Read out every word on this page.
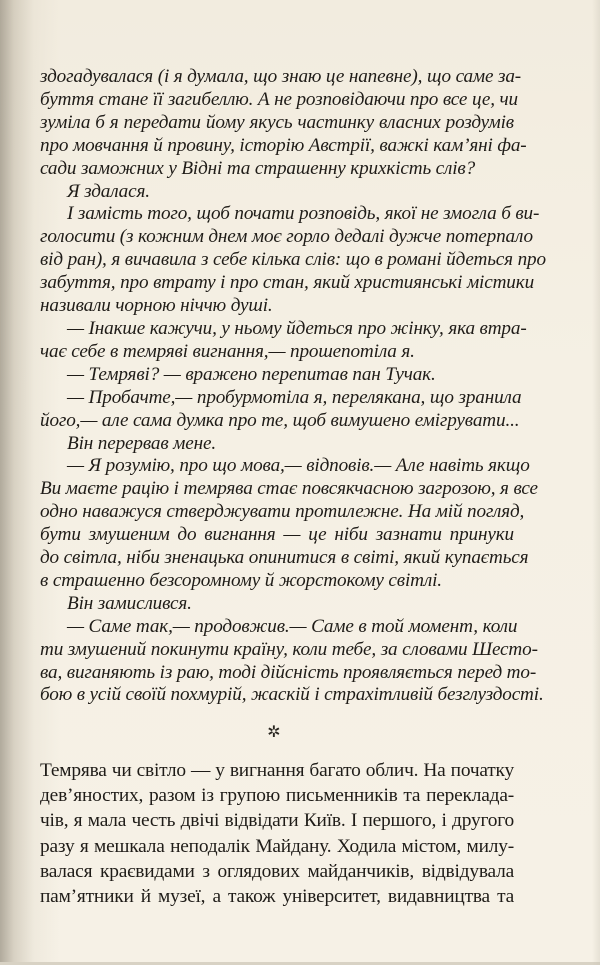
здогадувалася (і я думала, що знаю це напевне), що саме за-
буття стане її загибеллю. А не розповідаючи про все це, чи
зуміла б я передати йому якусь частинку власних роздумів
про мовчання й провину, історію Австрії, важкі кам’яні фа-
сади заможних у Відні та страшенну крихкість слів?
Я здалася.
І замість того, щоб почати розповідь, якої не змогла б ви-
голосити (з кожним днем моє горло дедалі дужче потерпало
від ран), я вичавила з себе кілька слів: що в романі йдеться про
забуття, про втрату і про стан, який християнські містики
називали чорною ніччю душі.
— Інакше кажучи, у ньому йдеться про жінку, яка втра-
чає себе в темряві вигнання,— прошепотіла я.
— Темряві? — вражено перепитав пан Тучак.
— Пробачте,— пробурмотіла я, перелякана, що зранила
його,— але сама думка про те, щоб вимушено емігрувати...
Він перервав мене.
— Я розумію, про що мова,— відповів.— Але навіть якщо
Ви маєте рацію і темрява стає повсякчасною загрозою, я все
одно наважуся стверджувати протилежне. На мій погляд,
бути змушеним до вигнання — це ніби зазнати принуки
до світла, ніби зненацька опинитися в світі, який купається
в страшенно безсоромному й жорстокому світлі.
Він замислився.
— Саме так,— продовжив.— Саме в той момент, коли
ти змушений покинути країну, коли тебе, за словами Шесто-
ва, виганяють із раю, тоді дійсність проявляється перед то-
бою в усій своїй похмурій, жаскій і страхітливій безглуздості.
✲
Темрява чи світло — у вигнання багато облич. На початку
дев’яностих, разом із групою письменників та переклада-
чів, я мала честь двічі відвідати Київ. І першого, і другого
разу я мешкала неподалік Майдану. Ходила містом, милу-
валася краєвидами з оглядових майданчиків, відвідувала
пам’ятники й музеї, а також університет, видавництва та
